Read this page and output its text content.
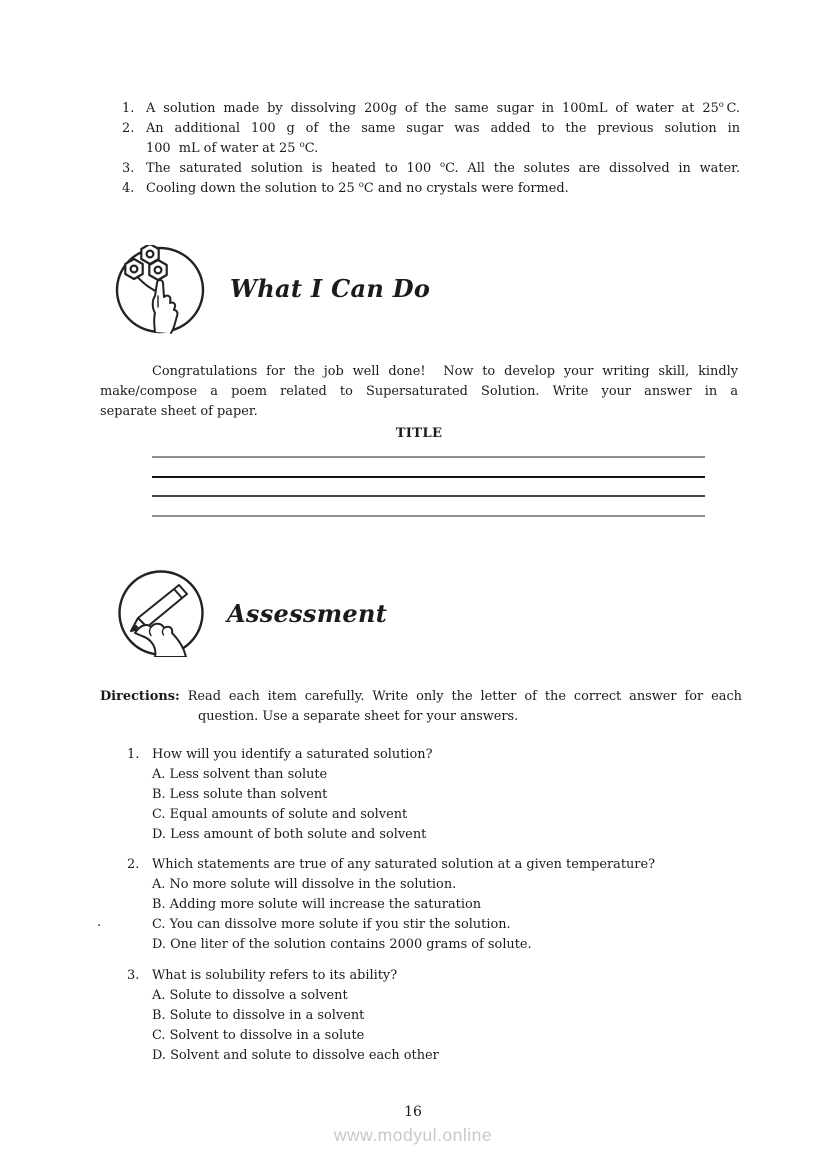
1. A solution made by dissolving 200g of the same sugar in 100mL of water at 25$^o$ C.
2. An additional 100 g of the same sugar was added to the previous solution in
100  mL of water at 25 $^o$C.
3. The saturated solution is heated to 100 $^o$C. All the solutes are dissolved in water.
4. Cooling down the solution to 25 $^o$C and no crystals were formed.
What I Can Do
Congratulations for the job well done!  Now to develop your writing skill, kindly
make/compose a poem related to Supersaturated Solution. Write your answer in a
separate sheet of paper.
TITLE
Assessment
Directions: Read each item carefully. Write only the letter of the correct answer for each
question. Use a separate sheet for your answers.
1. How will you identify a saturated solution?
A. Less solvent than solute
B. Less solute than solvent
C. Equal amounts of solute and solvent
D. Less amount of both solute and solvent
2. Which statements are true of any saturated solution at a given temperature?
A. No more solute will dissolve in the solution.
B. Adding more solute will increase the saturation
C. You can dissolve more solute if you stir the solution.
D. One liter of the solution contains 2000 grams of solute.
.
3. What is solubility refers to its ability?
A. Solute to dissolve a solvent
B. Solute to dissolve in a solvent
C. Solvent to dissolve in a solute
D. Solvent and solute to dissolve each other
16
www.modyul.online
